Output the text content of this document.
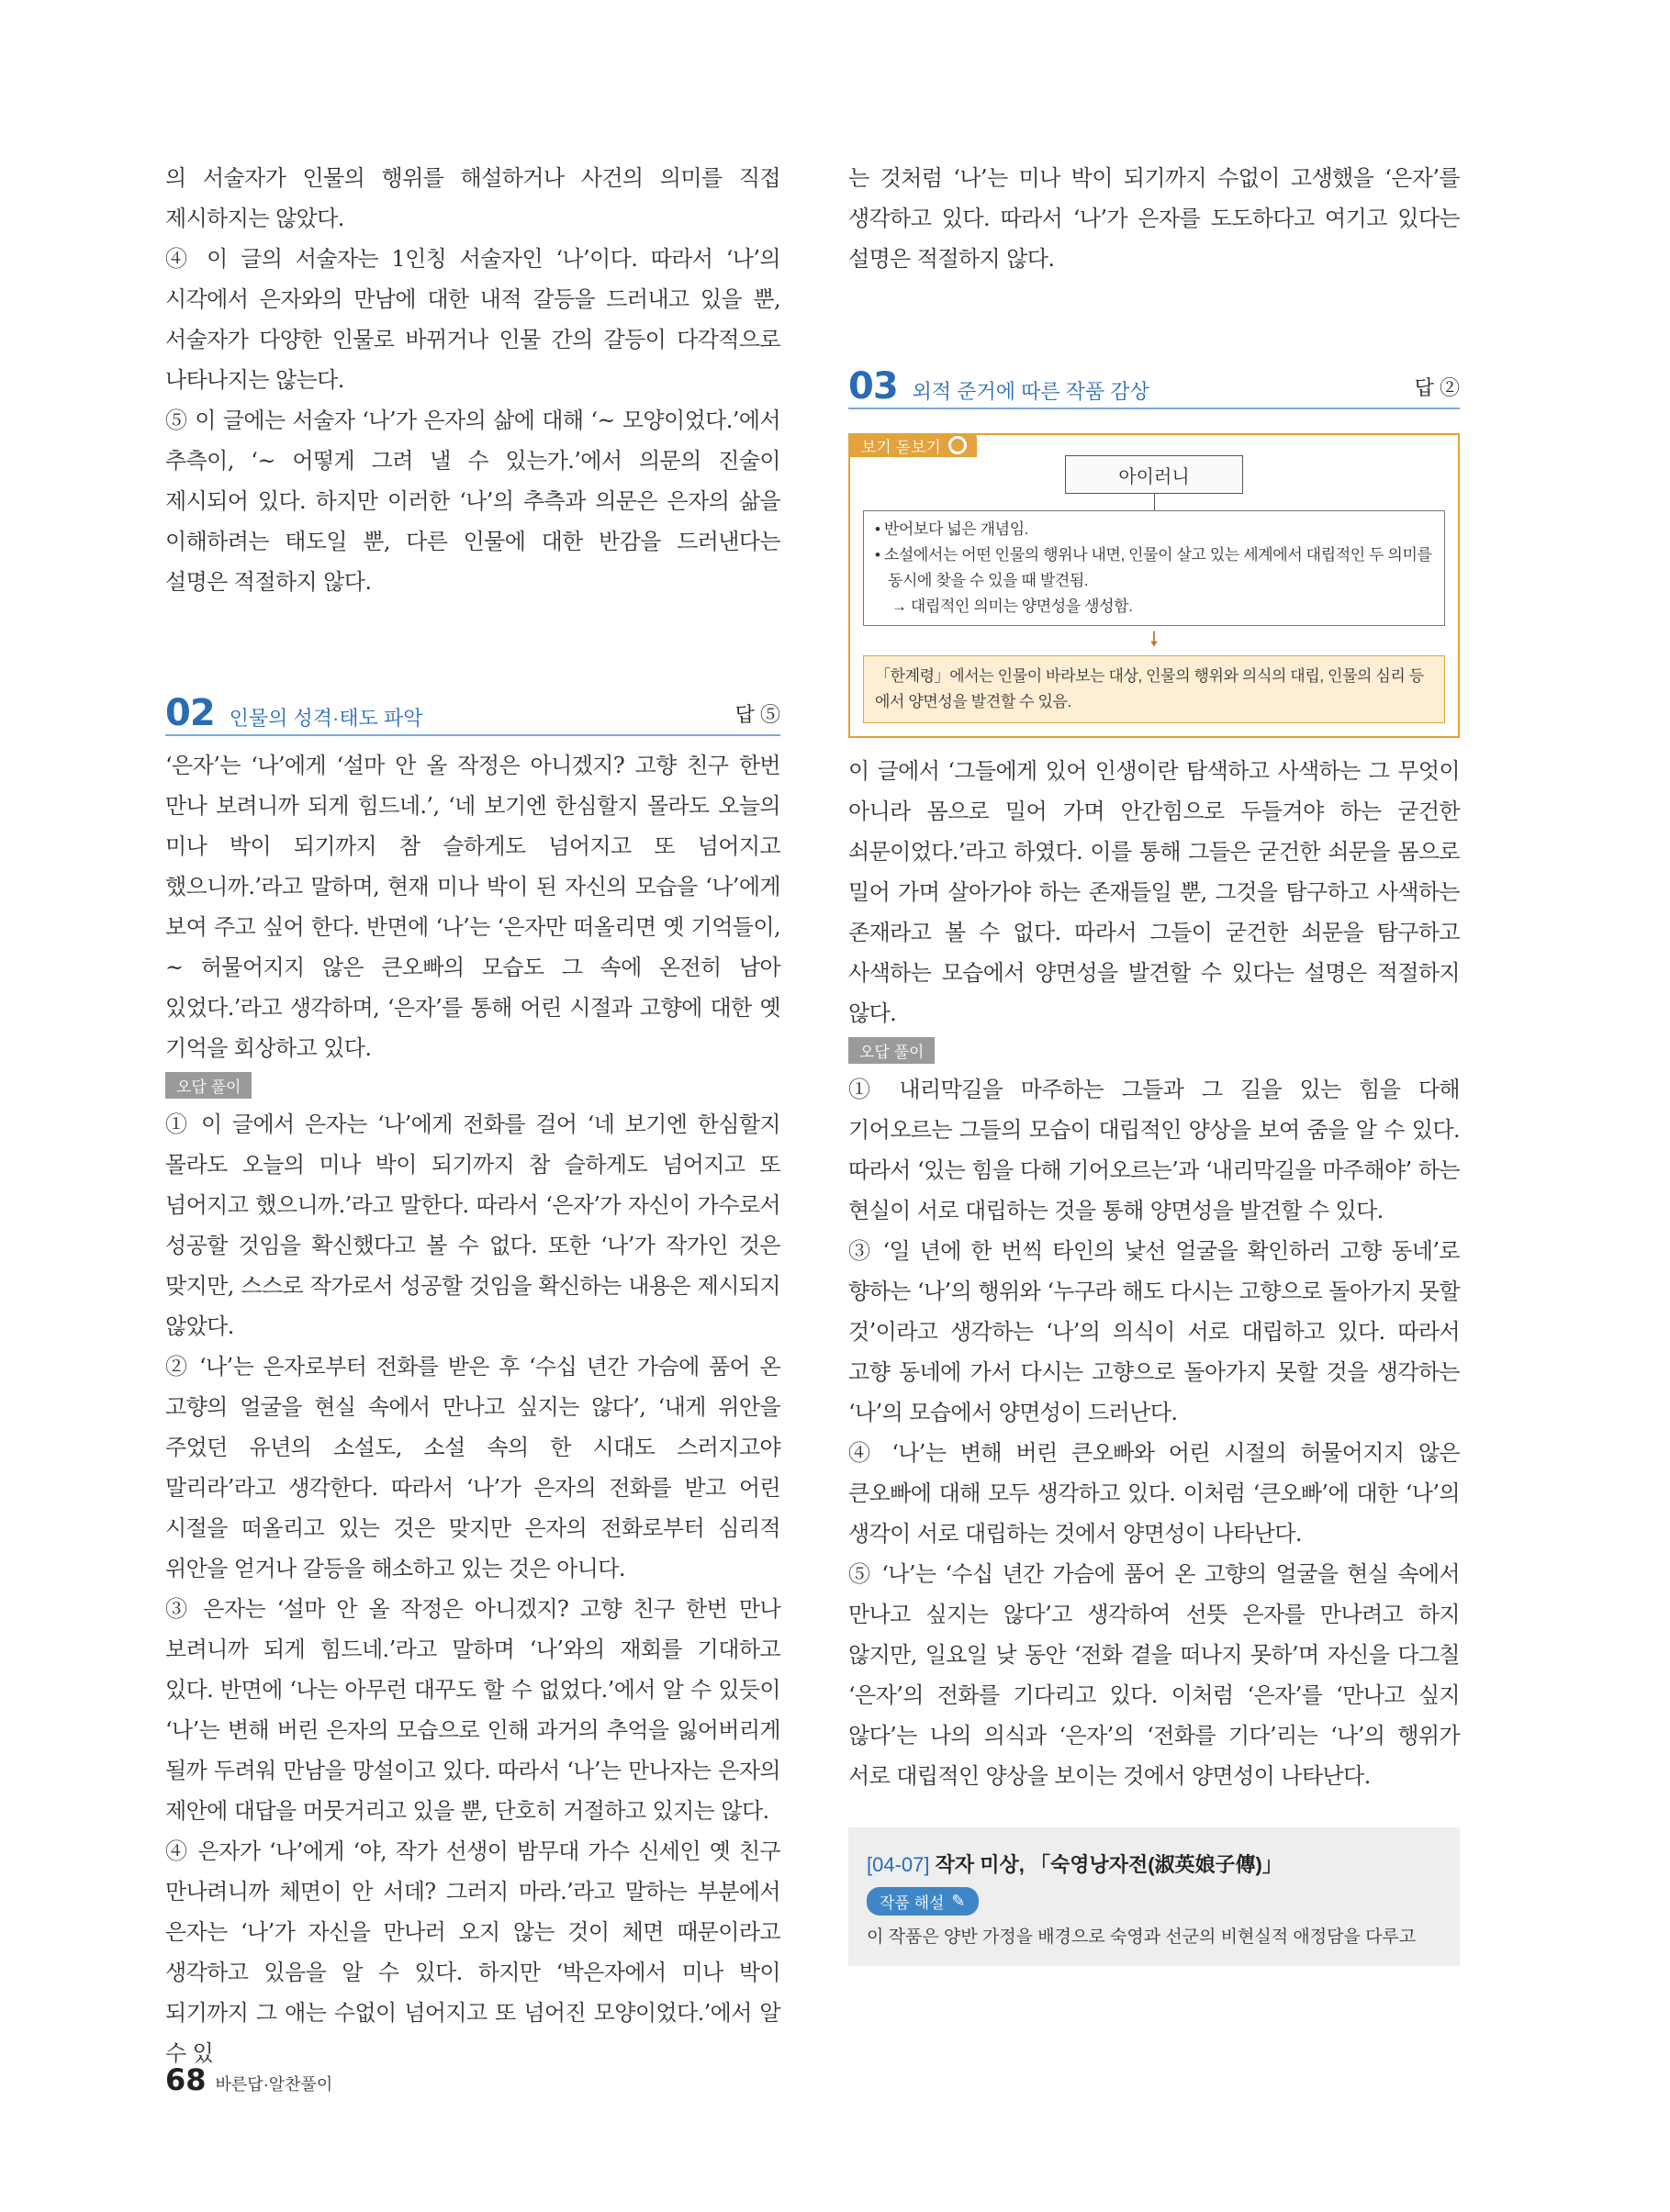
의 서술자가 인물의 행위를 해설하거나 사건의 의미를 직접 제시하지는 않았다.

④ 이 글의 서술자는 1인칭 서술자인 ‘나’이다. 따라서 ‘나’의 시각에서 은자와의 만남에 대한 내적 갈등을 드러내고 있을 뿐, 서술자가 다양한 인물로 바뀌거나 인물 간의 갈등이 다각적으로 나타나지는 않는다.

⑤ 이 글에는 서술자 ‘나’가 은자의 삶에 대해 ‘~ 모양이었다.’에서 추측이, ‘~ 어떻게 그려 낼 수 있는가.’에서 의문의 진술이 제시되어 있다. 하지만 이러한 ‘나’의 추측과 의문은 은자의 삶을 이해하려는 태도일 뿐, 다른 인물에 대한 반감을 드러낸다는 설명은 적절하지 않다.

02 인물의 성격·태도 파악	답 ⑤

‘은자’는 ‘나’에게 ‘설마 안 올 작정은 아니겠지? 고향 친구 한번 만나 보려니까 되게 힘드네.’, ‘네 보기엔 한심할지 몰라도 오늘의 미나 박이 되기까지 참 슬하게도 넘어지고 또 넘어지고 했으니까.’라고 말하며, 현재 미나 박이 된 자신의 모습을 ‘나’에게 보여 주고 싶어 한다. 반면에 ‘나’는 ‘은자만 떠올리면 옛 기억들이, ~ 허물어지지 않은 큰오빠의 모습도 그 속에 온전히 남아 있었다.’라고 생각하며, ‘은자’를 통해 어린 시절과 고향에 대한 옛 기억을 회상하고 있다.

오답 풀이

① 이 글에서 은자는 ‘나’에게 전화를 걸어 ‘네 보기엔 한심할지 몰라도 오늘의 미나 박이 되기까지 참 슬하게도 넘어지고 또 넘어지고 했으니까.’라고 말한다. 따라서 ‘은자’가 자신이 가수로서 성공할 것임을 확신했다고 볼 수 없다. 또한 ‘나’가 작가인 것은 맞지만, 스스로 작가로서 성공할 것임을 확신하는 내용은 제시되지 않았다.

② ‘나’는 은자로부터 전화를 받은 후 ‘수십 년간 가슴에 품어 온 고향의 얼굴을 현실 속에서 만나고 싶지는 않다’, ‘내게 위안을 주었던 유년의 소설도, 소설 속의 한 시대도 스러지고야 말리라’라고 생각한다. 따라서 ‘나’가 은자의 전화를 받고 어린 시절을 떠올리고 있는 것은 맞지만 은자의 전화로부터 심리적 위안을 얻거나 갈등을 해소하고 있는 것은 아니다.

③ 은자는 ‘설마 안 올 작정은 아니겠지? 고향 친구 한번 만나 보려니까 되게 힘드네.’라고 말하며 ‘나’와의 재회를 기대하고 있다. 반면에 ‘나는 아무런 대꾸도 할 수 없었다.’에서 알 수 있듯이 ‘나’는 변해 버린 은자의 모습으로 인해 과거의 추억을 잃어버리게 될까 두려워 만남을 망설이고 있다. 따라서 ‘나’는 만나자는 은자의 제안에 대답을 머뭇거리고 있을 뿐, 단호히 거절하고 있지는 않다.

④ 은자가 ‘나’에게 ‘야, 작가 선생이 밤무대 가수 신세인 옛 친구 만나려니까 체면이 안 서데? 그러지 마라.’라고 말하는 부분에서 은자는 ‘나’가 자신을 만나러 오지 않는 것이 체면 때문이라고 생각하고 있음을 알 수 있다. 하지만 ‘박은자에서 미나 박이 되기까지 그 애는 수없이 넘어지고 또 넘어진 모양이었다.’에서 알 수 있

는 것처럼 ‘나’는 미나 박이 되기까지 수없이 고생했을 ‘은자’를 생각하고 있다. 따라서 ‘나’가 은자를 도도하다고 여기고 있다는 설명은 적절하지 않다.

03 외적 준거에 따른 작품 감상	답 ②
보기 돋보기
아이러니
• 반어보다 넓은 개념임.
• 소설에서는 어떤 인물의 행위나 내면, 인물이 살고 있는 세계에서 대립적인 두 의미를 동시에 찾을 수 있을 때 발견됨.
→ 대립적인 의미는 양면성을 생성함.
🠗
「한계령」에서는 인물이 바라보는 대상, 인물의 행위와 의식의 대립, 인물의 심리 등에서 양면성을 발견할 수 있음.

이 글에서 ‘그들에게 있어 인생이란 탐색하고 사색하는 그 무엇이 아니라 몸으로 밀어 가며 안간힘으로 두들겨야 하는 굳건한 쇠문이었다.’라고 하였다. 이를 통해 그들은 굳건한 쇠문을 몸으로 밀어 가며 살아가야 하는 존재들일 뿐, 그것을 탐구하고 사색하는 존재라고 볼 수 없다. 따라서 그들이 굳건한 쇠문을 탐구하고 사색하는 모습에서 양면성을 발견할 수 있다는 설명은 적절하지 않다.

오답 풀이

① 내리막길을 마주하는 그들과 그 길을 있는 힘을 다해 기어오르는 그들의 모습이 대립적인 양상을 보여 줌을 알 수 있다. 따라서 ‘있는 힘을 다해 기어오르는’과 ‘내리막길을 마주해야’ 하는 현실이 서로 대립하는 것을 통해 양면성을 발견할 수 있다.

③ ‘일 년에 한 번씩 타인의 낯선 얼굴을 확인하러 고향 동네’로 향하는 ‘나’의 행위와 ‘누구라 해도 다시는 고향으로 돌아가지 못할 것’이라고 생각하는 ‘나’의 의식이 서로 대립하고 있다. 따라서 고향 동네에 가서 다시는 고향으로 돌아가지 못할 것을 생각하는 ‘나’의 모습에서 양면성이 드러난다.

④ ‘나’는 변해 버린 큰오빠와 어린 시절의 허물어지지 않은 큰오빠에 대해 모두 생각하고 있다. 이처럼 ‘큰오빠’에 대한 ‘나’의 생각이 서로 대립하는 것에서 양면성이 나타난다.

⑤ ‘나’는 ‘수십 년간 가슴에 품어 온 고향의 얼굴을 현실 속에서 만나고 싶지는 않다’고 생각하여 선뜻 은자를 만나려고 하지 않지만, 일요일 낮 동안 ‘전화 곁을 떠나지 못하’며 자신을 다그칠 ‘은자’의 전화를 기다리고 있다. 이처럼 ‘은자’를 ‘만나고 싶지 않다’는 나의 의식과 ‘은자’의 ‘전화를 기다’리는 ‘나’의 행위가 서로 대립적인 양상을 보이는 것에서 양면성이 나타난다.

[04-07] 작자 미상, 「숙영낭자전(淑英娘子傳)」
작품 해설 ✎
이 작품은 양반 가정을 배경으로 숙영과 선군의 비현실적 애정담을 다루고
68 바른답·알찬풀이
